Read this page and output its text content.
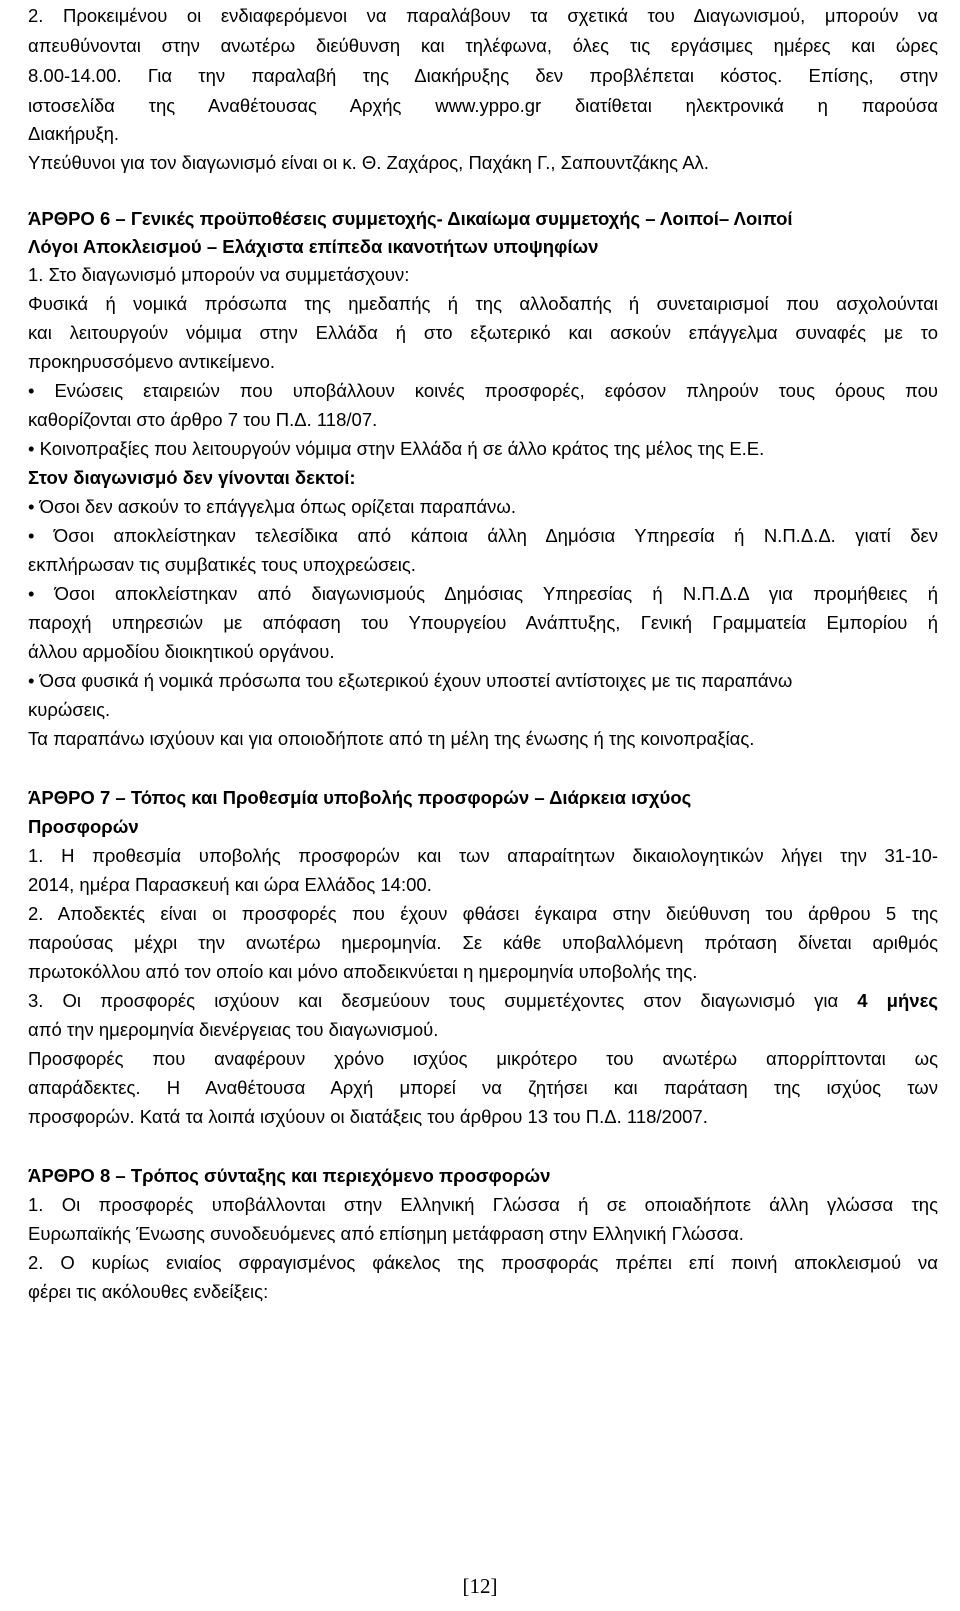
2. Προκειμένου οι ενδιαφερόμενοι να παραλάβουν τα σχετικά του Διαγωνισμού, μπορούν να
απευθύνονται στην ανωτέρω διεύθυνση και τηλέφωνα, όλες τις εργάσιμες ημέρες και ώρες
8.00-14.00. Για την παραλαβή της Διακήρυξης δεν προβλέπεται κόστος. Επίσης, στην
ιστοσελίδα της Αναθέτουσας Αρχής www.yppo.gr διατίθεται ηλεκτρονικά η παρούσα
Διακήρυξη.
Υπεύθυνοι για τον διαγωνισμό είναι οι κ. Θ. Ζαχάρος, Παχάκη Γ., Σαπουντζάκης Αλ.
ΆΡΘΡΟ 6 – Γενικές προϋποθέσεις συμμετοχής- Δικαίωμα συμμετοχής – Λοιποί– Λοιποί
Λόγοι Αποκλεισμού – Ελάχιστα επίπεδα ικανοτήτων υποψηφίων
1. Στο διαγωνισμό μπορούν να συμμετάσχουν:
Φυσικά ή νομικά πρόσωπα της ημεδαπής ή της αλλοδαπής ή συνεταιρισμοί που ασχολούνται
και λειτουργούν νόμιμα στην Ελλάδα ή στο εξωτερικό και ασκούν επάγγελμα συναφές με το
προκηρυσσόμενο αντικείμενο.
• Ενώσεις εταιρειών που υποβάλλουν κοινές προσφορές, εφόσον πληρούν τους όρους που
καθορίζονται στο άρθρο 7 του Π.Δ. 118/07.
• Κοινοπραξίες που λειτουργούν νόμιμα στην Ελλάδα ή σε άλλο κράτος της μέλος της Ε.Ε.
Στον διαγωνισμό δεν γίνονται δεκτοί:
• Όσοι δεν ασκούν το επάγγελμα όπως ορίζεται παραπάνω.
• Όσοι αποκλείστηκαν τελεσίδικα από κάποια άλλη Δημόσια Υπηρεσία ή Ν.Π.Δ.Δ. γιατί δεν
εκπλήρωσαν τις συμβατικές τους υποχρεώσεις.
• Όσοι αποκλείστηκαν από διαγωνισμούς Δημόσιας Υπηρεσίας ή Ν.Π.Δ.Δ για προμήθειες ή
παροχή υπηρεσιών με απόφαση του Υπουργείου Ανάπτυξης, Γενική Γραμματεία Εμπορίου ή
άλλου αρμοδίου διοικητικού οργάνου.
• Όσα φυσικά ή νομικά πρόσωπα του εξωτερικού έχουν υποστεί αντίστοιχες με τις παραπάνω
κυρώσεις.
Τα παραπάνω ισχύουν και για οποιοδήποτε από τη μέλη της ένωσης ή της κοινοπραξίας.
ΆΡΘΡΟ 7 – Τόπος και Προθεσμία υποβολής προσφορών – Διάρκεια ισχύος
Προσφορών
1. Η προθεσμία υποβολής προσφορών και των απαραίτητων δικαιολογητικών λήγει την 31-10-
2014, ημέρα Παρασκευή και ώρα Ελλάδος 14:00.
2. Αποδεκτές είναι οι προσφορές που έχουν φθάσει έγκαιρα στην διεύθυνση του άρθρου 5 της
παρούσας μέχρι την ανωτέρω ημερομηνία. Σε κάθε υποβαλλόμενη πρόταση δίνεται αριθμός
πρωτοκόλλου από τον οποίο και μόνο αποδεικνύεται η ημερομηνία υποβολής της.
3. Οι προσφορές ισχύουν και δεσμεύουν τους συμμετέχοντες στον διαγωνισμό για 4 μήνες
από την ημερομηνία διενέργειας του διαγωνισμού.
Προσφορές που αναφέρουν χρόνο ισχύος μικρότερο του ανωτέρω απορρίπτονται ως
απαράδεκτες. Η Αναθέτουσα Αρχή μπορεί να ζητήσει και παράταση της ισχύος των
προσφορών. Κατά τα λοιπά ισχύουν οι διατάξεις του άρθρου 13 του Π.Δ. 118/2007.
ΆΡΘΡΟ 8 – Τρόπος σύνταξης και περιεχόμενο προσφορών
1. Οι προσφορές υποβάλλονται στην Ελληνική Γλώσσα ή σε οποιαδήποτε άλλη γλώσσα της
Ευρωπαϊκής Ένωσης συνοδευόμενες από επίσημη μετάφραση στην Ελληνική Γλώσσα.
2. Ο κυρίως ενιαίος σφραγισμένος φάκελος της προσφοράς πρέπει επί ποινή αποκλεισμού να
φέρει τις ακόλουθες ενδείξεις:
[12]
